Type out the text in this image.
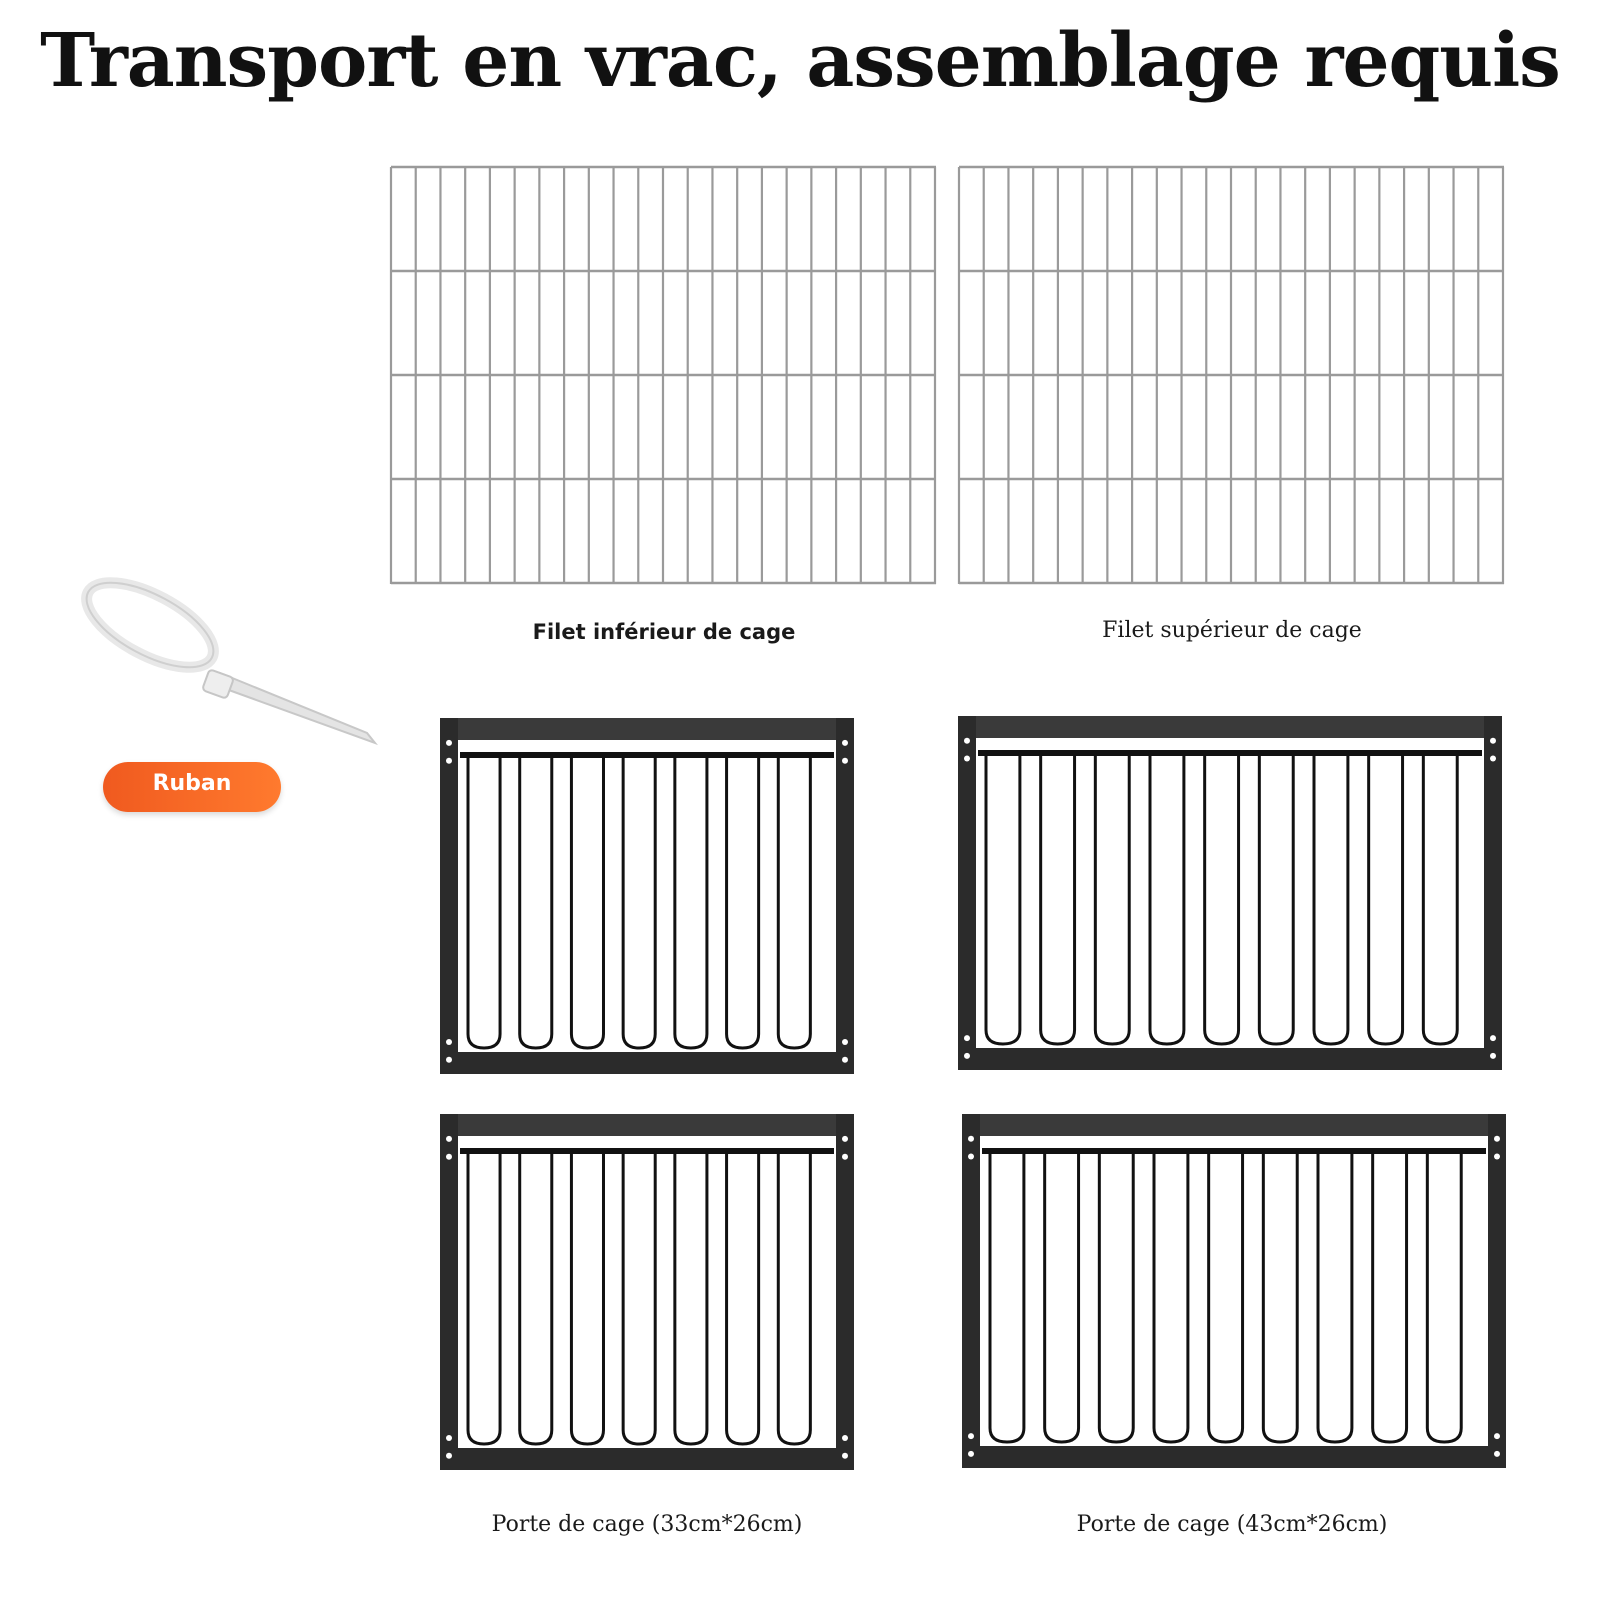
Transport en vrac, assemblage requis
Filet inférieur de cage	Filet supérieur de cage
Ruban
Porte de cage (33cm*26cm)	Porte de cage (43cm*26cm)
